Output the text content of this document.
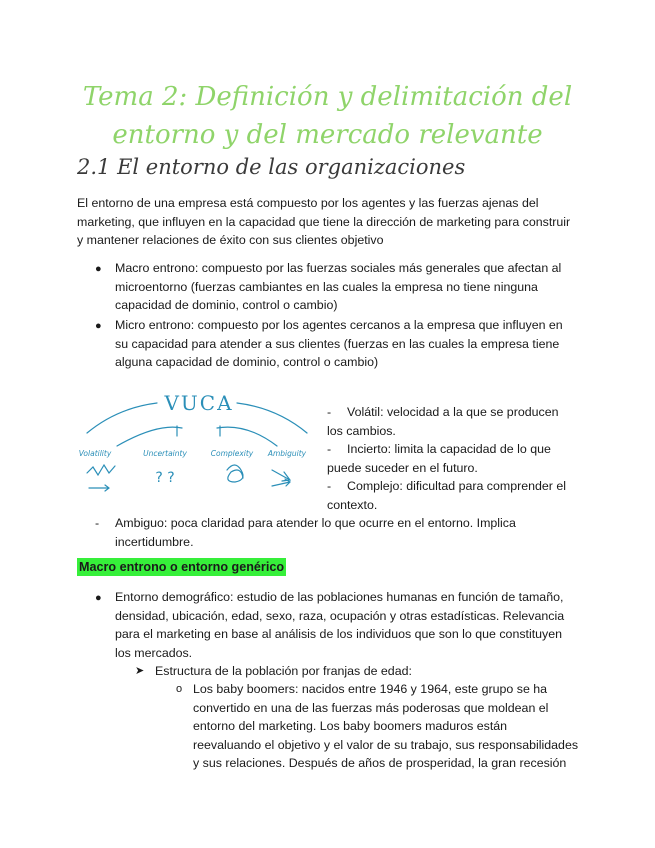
Tema 2: Definición y delimitación del
entorno y del mercado relevante
2.1 El entorno de las organizaciones
El entorno de una empresa está compuesto por los agentes y las fuerzas ajenas del
marketing, que influyen en la capacidad que tiene la dirección de marketing para construir
y mantener relaciones de éxito con sus clientes objetivo
● Macro entrono: compuesto por las fuerzas sociales más generales que afectan al
microentorno (fuerzas cambiantes en las cuales la empresa no tiene ninguna
capacidad de dominio, control o cambio)
● Micro entrono: compuesto por los agentes cercanos a la empresa que influyen en
su capacidad para atender a sus clientes (fuerzas en las cuales la empresa tiene
alguna capacidad de dominio, control o cambio)
VUCA
Volatility	Uncertainty	Complexity Ambiguity
? ?
-	Volátil: velocidad a la que se producen
los cambios.
-	Incierto: limita la capacidad de lo que
puede suceder en el futuro.
-	Complejo: dificultad para comprender el
contexto.
- Ambiguo: poca claridad para atender lo que ocurre en el entorno. Implica
incertidumbre.
Macro entrono o entorno genérico
● Entorno demográfico: estudio de las poblaciones humanas en función de tamaño,
densidad, ubicación, edad, sexo, raza, ocupación y otras estadísticas. Relevancia
para el marketing en base al análisis de los individuos que son lo que constituyen
los mercados.
➤ Estructura de la población por franjas de edad:
o Los baby boomers: nacidos entre 1946 y 1964, este grupo se ha
convertido en una de las fuerzas más poderosas que moldean el
entorno del marketing. Los baby boomers maduros están
reevaluando el objetivo y el valor de su trabajo, sus responsabilidades
y sus relaciones. Después de años de prosperidad, la gran recesión
